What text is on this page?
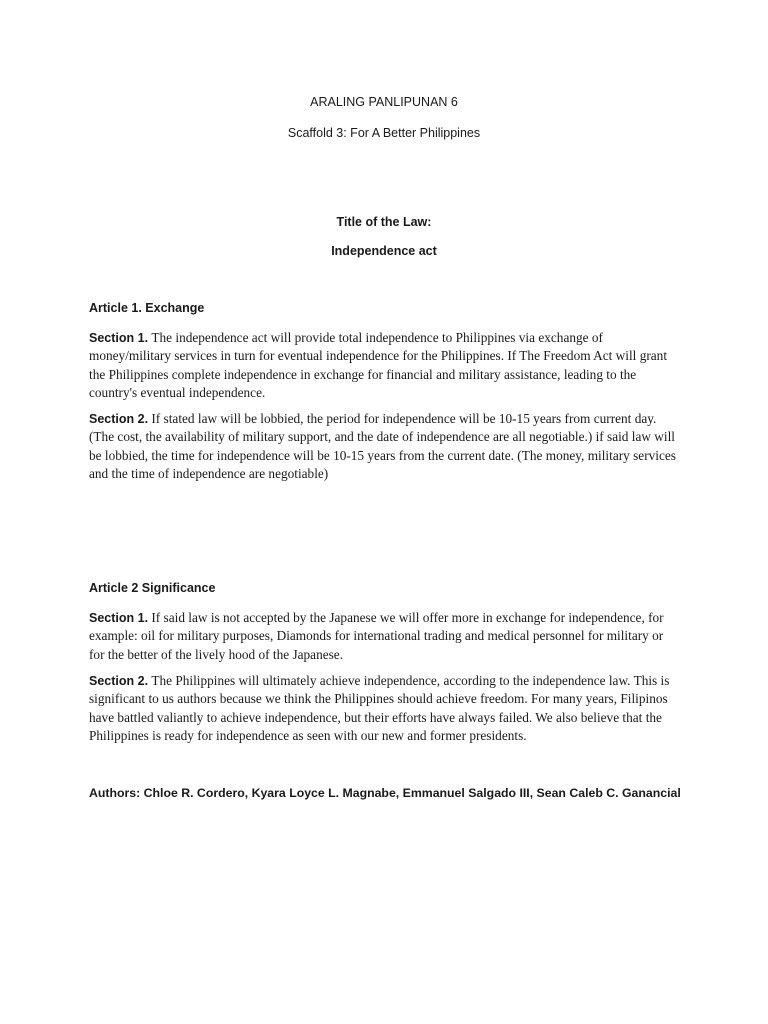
ARALING PANLIPUNAN 6
Scaffold 3: For A Better Philippines
Title of the Law:
Independence act
Article 1. Exchange

Section 1. The independence act will provide total independence to Philippines via exchange of money/military services in turn for eventual independence for the Philippines. If The Freedom Act will grant the Philippines complete independence in exchange for financial and military assistance, leading to the country's eventual independence.

Section 2. If stated law will be lobbied, the period for independence will be 10-15 years from current day. (The cost, the availability of military support, and the date of independence are all negotiable.) if said law will be lobbied, the time for independence will be 10-15 years from the current date. (The money, military services and the time of independence are negotiable)

Article 2 Significance

Section 1. If said law is not accepted by the Japanese we will offer more in exchange for independence, for example: oil for military purposes, Diamonds for international trading and medical personnel for military or for the better of the lively hood of the Japanese.

Section 2. The Philippines will ultimately achieve independence, according to the independence law. This is significant to us authors because we think the Philippines should achieve freedom. For many years, Filipinos have battled valiantly to achieve independence, but their efforts have always failed. We also believe that the Philippines is ready for independence as seen with our new and former presidents.

Authors: Chloe R. Cordero, Kyara Loyce L. Magnabe, Emmanuel Salgado III, Sean Caleb C. Ganancial
